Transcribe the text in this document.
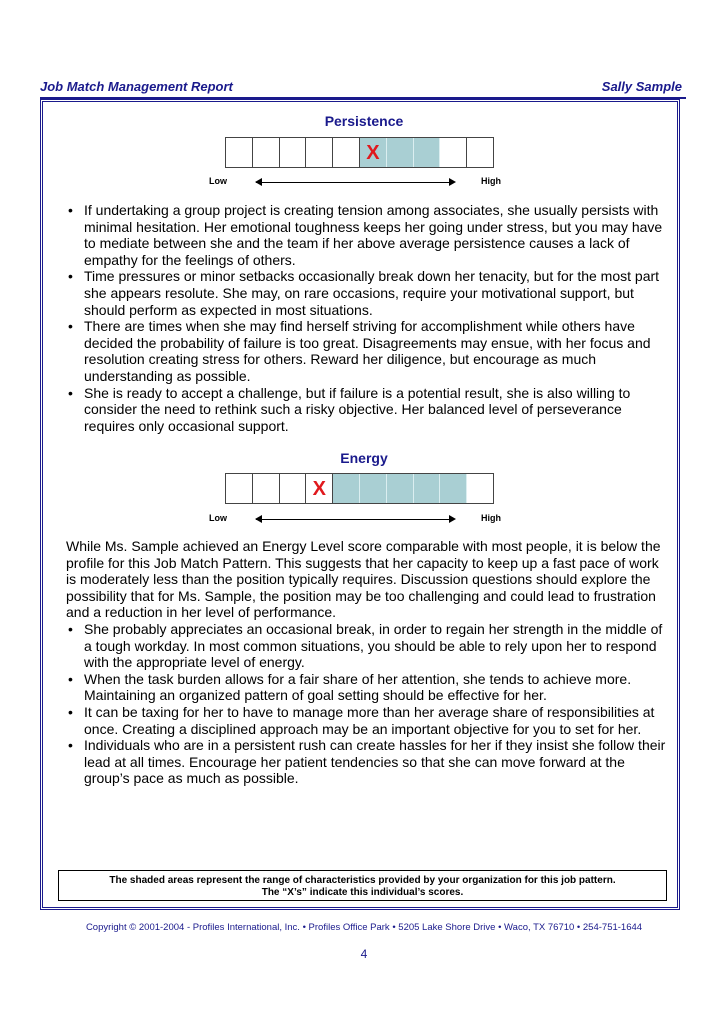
Job Match Management Report	Sally Sample
Persistence
X
Low	High
• If undertaking a group project is creating tension among associates, she usually persists with minimal hesitation. Her emotional toughness keeps her going under stress, but you may have to mediate between she and the team if her above average persistence causes a lack of empathy for the feelings of others.
• Time pressures or minor setbacks occasionally break down her tenacity, but for the most part she appears resolute. She may, on rare occasions, require your motivational support, but should perform as expected in most situations.
• There are times when she may find herself striving for accomplishment while others have decided the probability of failure is too great. Disagreements may ensue, with her focus and resolution creating stress for others. Reward her diligence, but encourage as much understanding as possible.
• She is ready to accept a challenge, but if failure is a potential result, she is also willing to consider the need to rethink such a risky objective. Her balanced level of perseverance requires only occasional support.
Energy
X
Low	High

While Ms. Sample achieved an Energy Level score comparable with most people, it is below the profile for this Job Match Pattern. This suggests that her capacity to keep up a fast pace of work is moderately less than the position typically requires. Discussion questions should explore the possibility that for Ms. Sample, the position may be too challenging and could lead to frustration and a reduction in her level of performance.

• She probably appreciates an occasional break, in order to regain her strength in the middle of a tough workday. In most common situations, you should be able to rely upon her to respond with the appropriate level of energy.
• When the task burden allows for a fair share of her attention, she tends to achieve more. Maintaining an organized pattern of goal setting should be effective for her.
• It can be taxing for her to have to manage more than her average share of responsibilities at once. Creating a disciplined approach may be an important objective for you to set for her.
• Individuals who are in a persistent rush can create hassles for her if they insist she follow their lead at all times. Encourage her patient tendencies so that she can move forward at the group’s pace as much as possible.
The shaded areas represent the range of characteristics provided by your organization for this job pattern.
The “X’s” indicate this individual’s scores.
Copyright © 2001-2004 - Profiles International, Inc. • Profiles Office Park • 5205 Lake Shore Drive • Waco, TX 76710 • 254-751-1644
4
